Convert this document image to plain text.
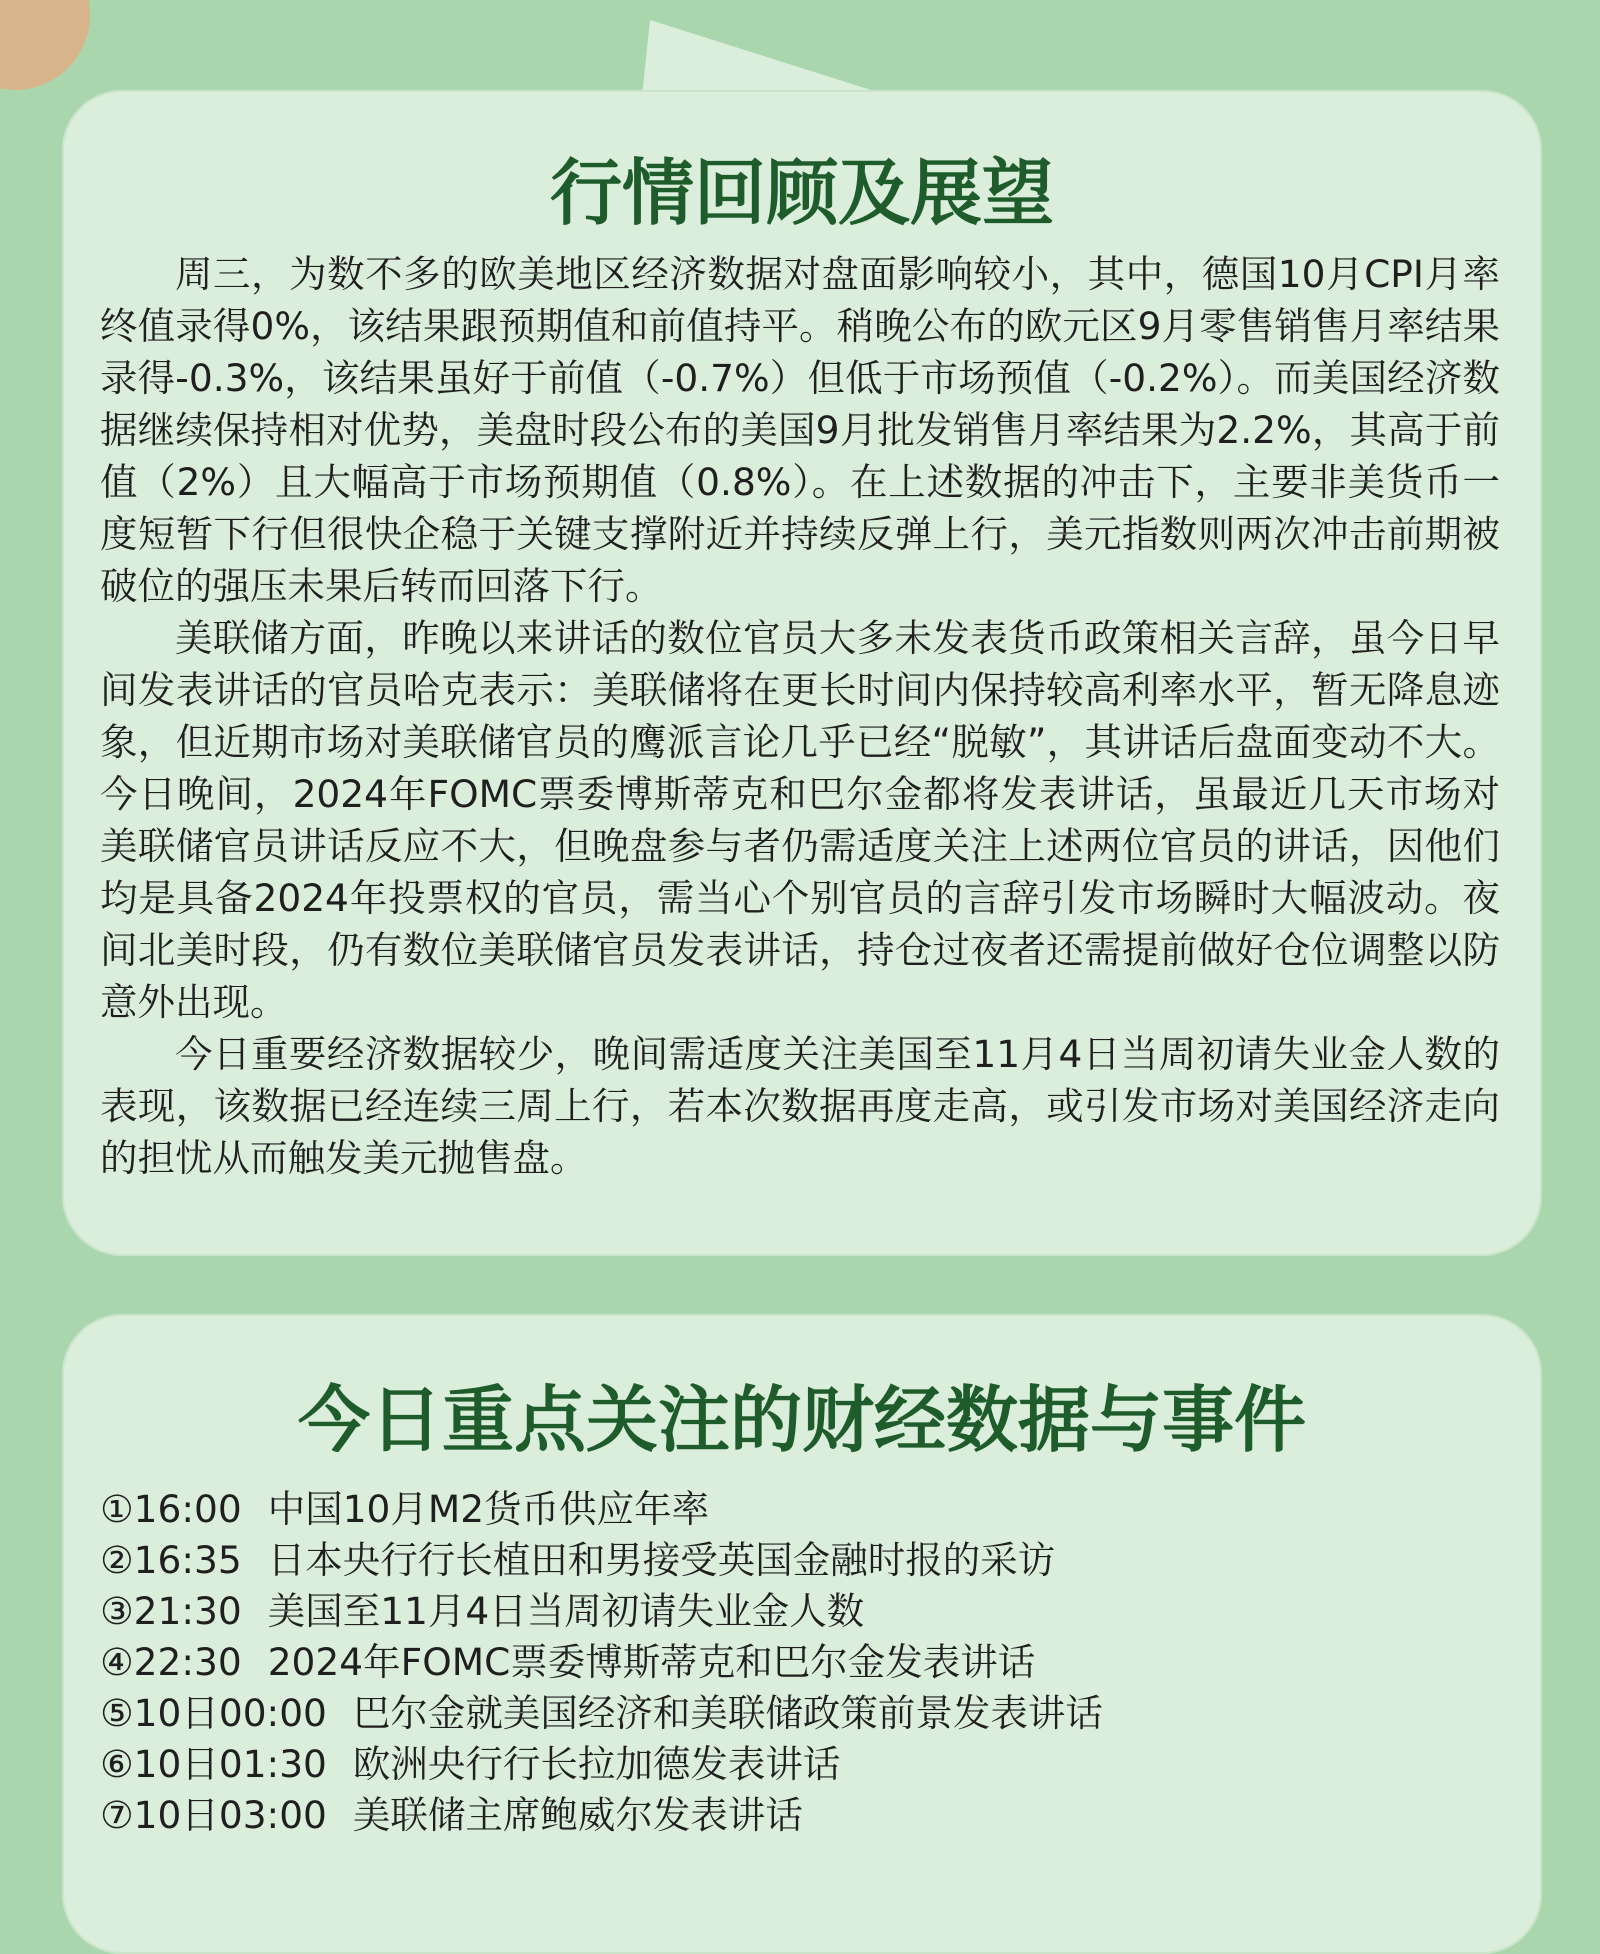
行情回顾及展望

周三，为数不多的欧美地区经济数据对盘面影响较小，其中，德国10月CPI月率终值录得0%，该结果跟预期值和前值持平。稍晚公布的欧元区9月零售销售月率结果录得-0.3%，该结果虽好于前值（-0.7%）但低于市场预值（-0.2%）。而美国经济数据继续保持相对优势，美盘时段公布的美国9月批发销售月率结果为2.2%，其高于前值（2%）且大幅高于市场预期值（0.8%）。在上述数据的冲击下，主要非美货币一度短暂下行但很快企稳于关键支撑附近并持续反弹上行，美元指数则两次冲击前期被破位的强压未果后转而回落下行。

美联储方面，昨晚以来讲话的数位官员大多未发表货币政策相关言辞，虽今日早间发表讲话的官员哈克表示：美联储将在更长时间内保持较高利率水平，暂无降息迹象，但近期市场对美联储官员的鹰派言论几乎已经“脱敏”，其讲话后盘面变动不大。今日晚间，2024年FOMC票委博斯蒂克和巴尔金都将发表讲话，虽最近几天市场对美联储官员讲话反应不大，但晚盘参与者仍需适度关注上述两位官员的讲话，因他们均是具备2024年投票权的官员，需当心个别官员的言辞引发市场瞬时大幅波动。夜间北美时段，仍有数位美联储官员发表讲话，持仓过夜者还需提前做好仓位调整以防意外出现。

今日重要经济数据较少，晚间需适度关注美国至11月4日当周初请失业金人数的表现，该数据已经连续三周上行，若本次数据再度走高，或引发市场对美国经济走向的担忧从而触发美元抛售盘。

今日重点关注的财经数据与事件
①16:00 中国10月M2货币供应年率
②16:35 日本央行行长植田和男接受英国金融时报的采访
③21:30 美国至11月4日当周初请失业金人数
④22:30 2024年FOMC票委博斯蒂克和巴尔金发表讲话
⑤10日00:00 巴尔金就美国经济和美联储政策前景发表讲话
⑥10日01:30 欧洲央行行长拉加德发表讲话
⑦10日03:00 美联储主席鲍威尔发表讲话
